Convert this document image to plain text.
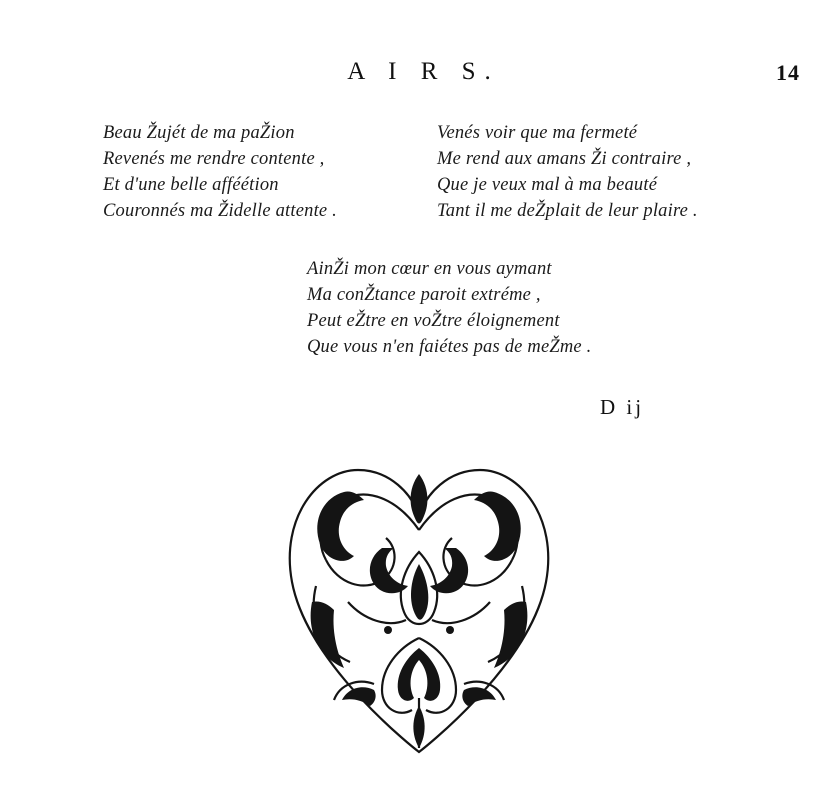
A I R S.	14
Beau Žujét de ma paŽion
Revenés me rendre contente ,
Et d'une belle afféétion
Couronnés ma Židelle attente .
Venés voir que ma fermeté
Me rend aux amans Ži contraire ,
Que je veux mal à ma beauté
Tant il me deŽplait de leur plaire .
AinŽi mon cœur en vous aymant
Ma conŽtance paroit extréme ,
Peut eŽtre en voŽtre éloignement
Que vous n'en faiétes pas de meŽme .
D ij
